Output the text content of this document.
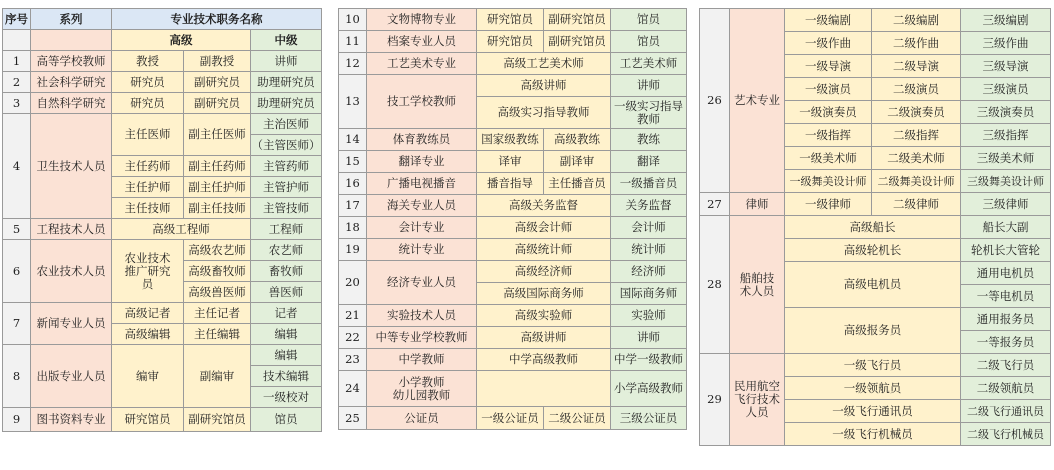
序号	系列	专业技术职务名称		
		高级		中级
1	高等学校教师	教授	副教授	讲师
2	社会科学研究	研究员	副研究员	助理研究员
3	自然科学研究	研究员	副研究员	助理研究员
4	卫生技术人员	主任医师	副主任医师	主治医师
				（主管医师）
		主任药师	副主任药师	主管药师
		主任护师	副主任护师	主管护师
		主任技师	副主任技师	主管技师
5	工程技术人员	高级工程师		工程师
6	农业技术人员	农业技术推广研究员	高级农艺师	农艺师
			高级畜牧师	畜牧师
			高级兽医师	兽医师
7	新闻专业人员	高级记者	主任记者	记者
		高级编辑	主任编辑	编辑
8	出版专业人员	编审	副编审	编辑
				技术编辑
				一级校对
9	图书资料专业	研究馆员	副研究馆员	馆员
10	文物博物专业	研究馆员	副研究馆员	馆员
11	档案专业人员	研究馆员	副研究馆员	馆员
12	工艺美术专业	高级工艺美术师		工艺美术师
13	技工学校教师	高级讲师		讲师
		高级实习指导教师		一级实习指导教师
14	体育教练员	国家级教练	高级教练	教练
15	翻译专业	译审	副译审	翻译
16	广播电视播音	播音指导	主任播音员	一级播音员
17	海关专业人员	高级关务监督		关务监督
18	会计专业	高级会计师		会计师
19	统计专业	高级统计师		统计师
20	经济专业人员	高级经济师		经济师
		高级国际商务师		国际商务师
21	实验技术人员	高级实验师		实验师
22	中等专业学校教师	高级讲师		讲师
23	中学教师	中学高级教师		中学一级教师
24	小学教师
幼儿园教师			小学高级教师
25	公证员	一级公证员	二级公证员	三级公证员
26	艺术专业	一级编剧	二级编剧	三级编剧
		一级作曲	二级作曲	三级作曲
		一级导演	二级导演	三级导演
		一级演员	二级演员	三级演员
		一级演奏员	二级演奏员	三级演奏员
		一级指挥	二级指挥	三级指挥
		一级美术师	二级美术师	三级美术师
		一级舞美设计师	二级舞美设计师	三级舞美设计师
27	律师	一级律师	二级律师	三级律师
28	船舶技术人员	高级船长		船长大副
		高级轮机长		轮机长大管轮
		高级电机员		通用电机员
				一等电机员
		高级报务员		通用报务员
				一等报务员
29	民用航空飞行技术人员	一级飞行员		二级飞行员
		一级领航员		二级领航员
		一级飞行通讯员		二级飞行通讯员
		一级飞行机械员		二级飞行机械员
